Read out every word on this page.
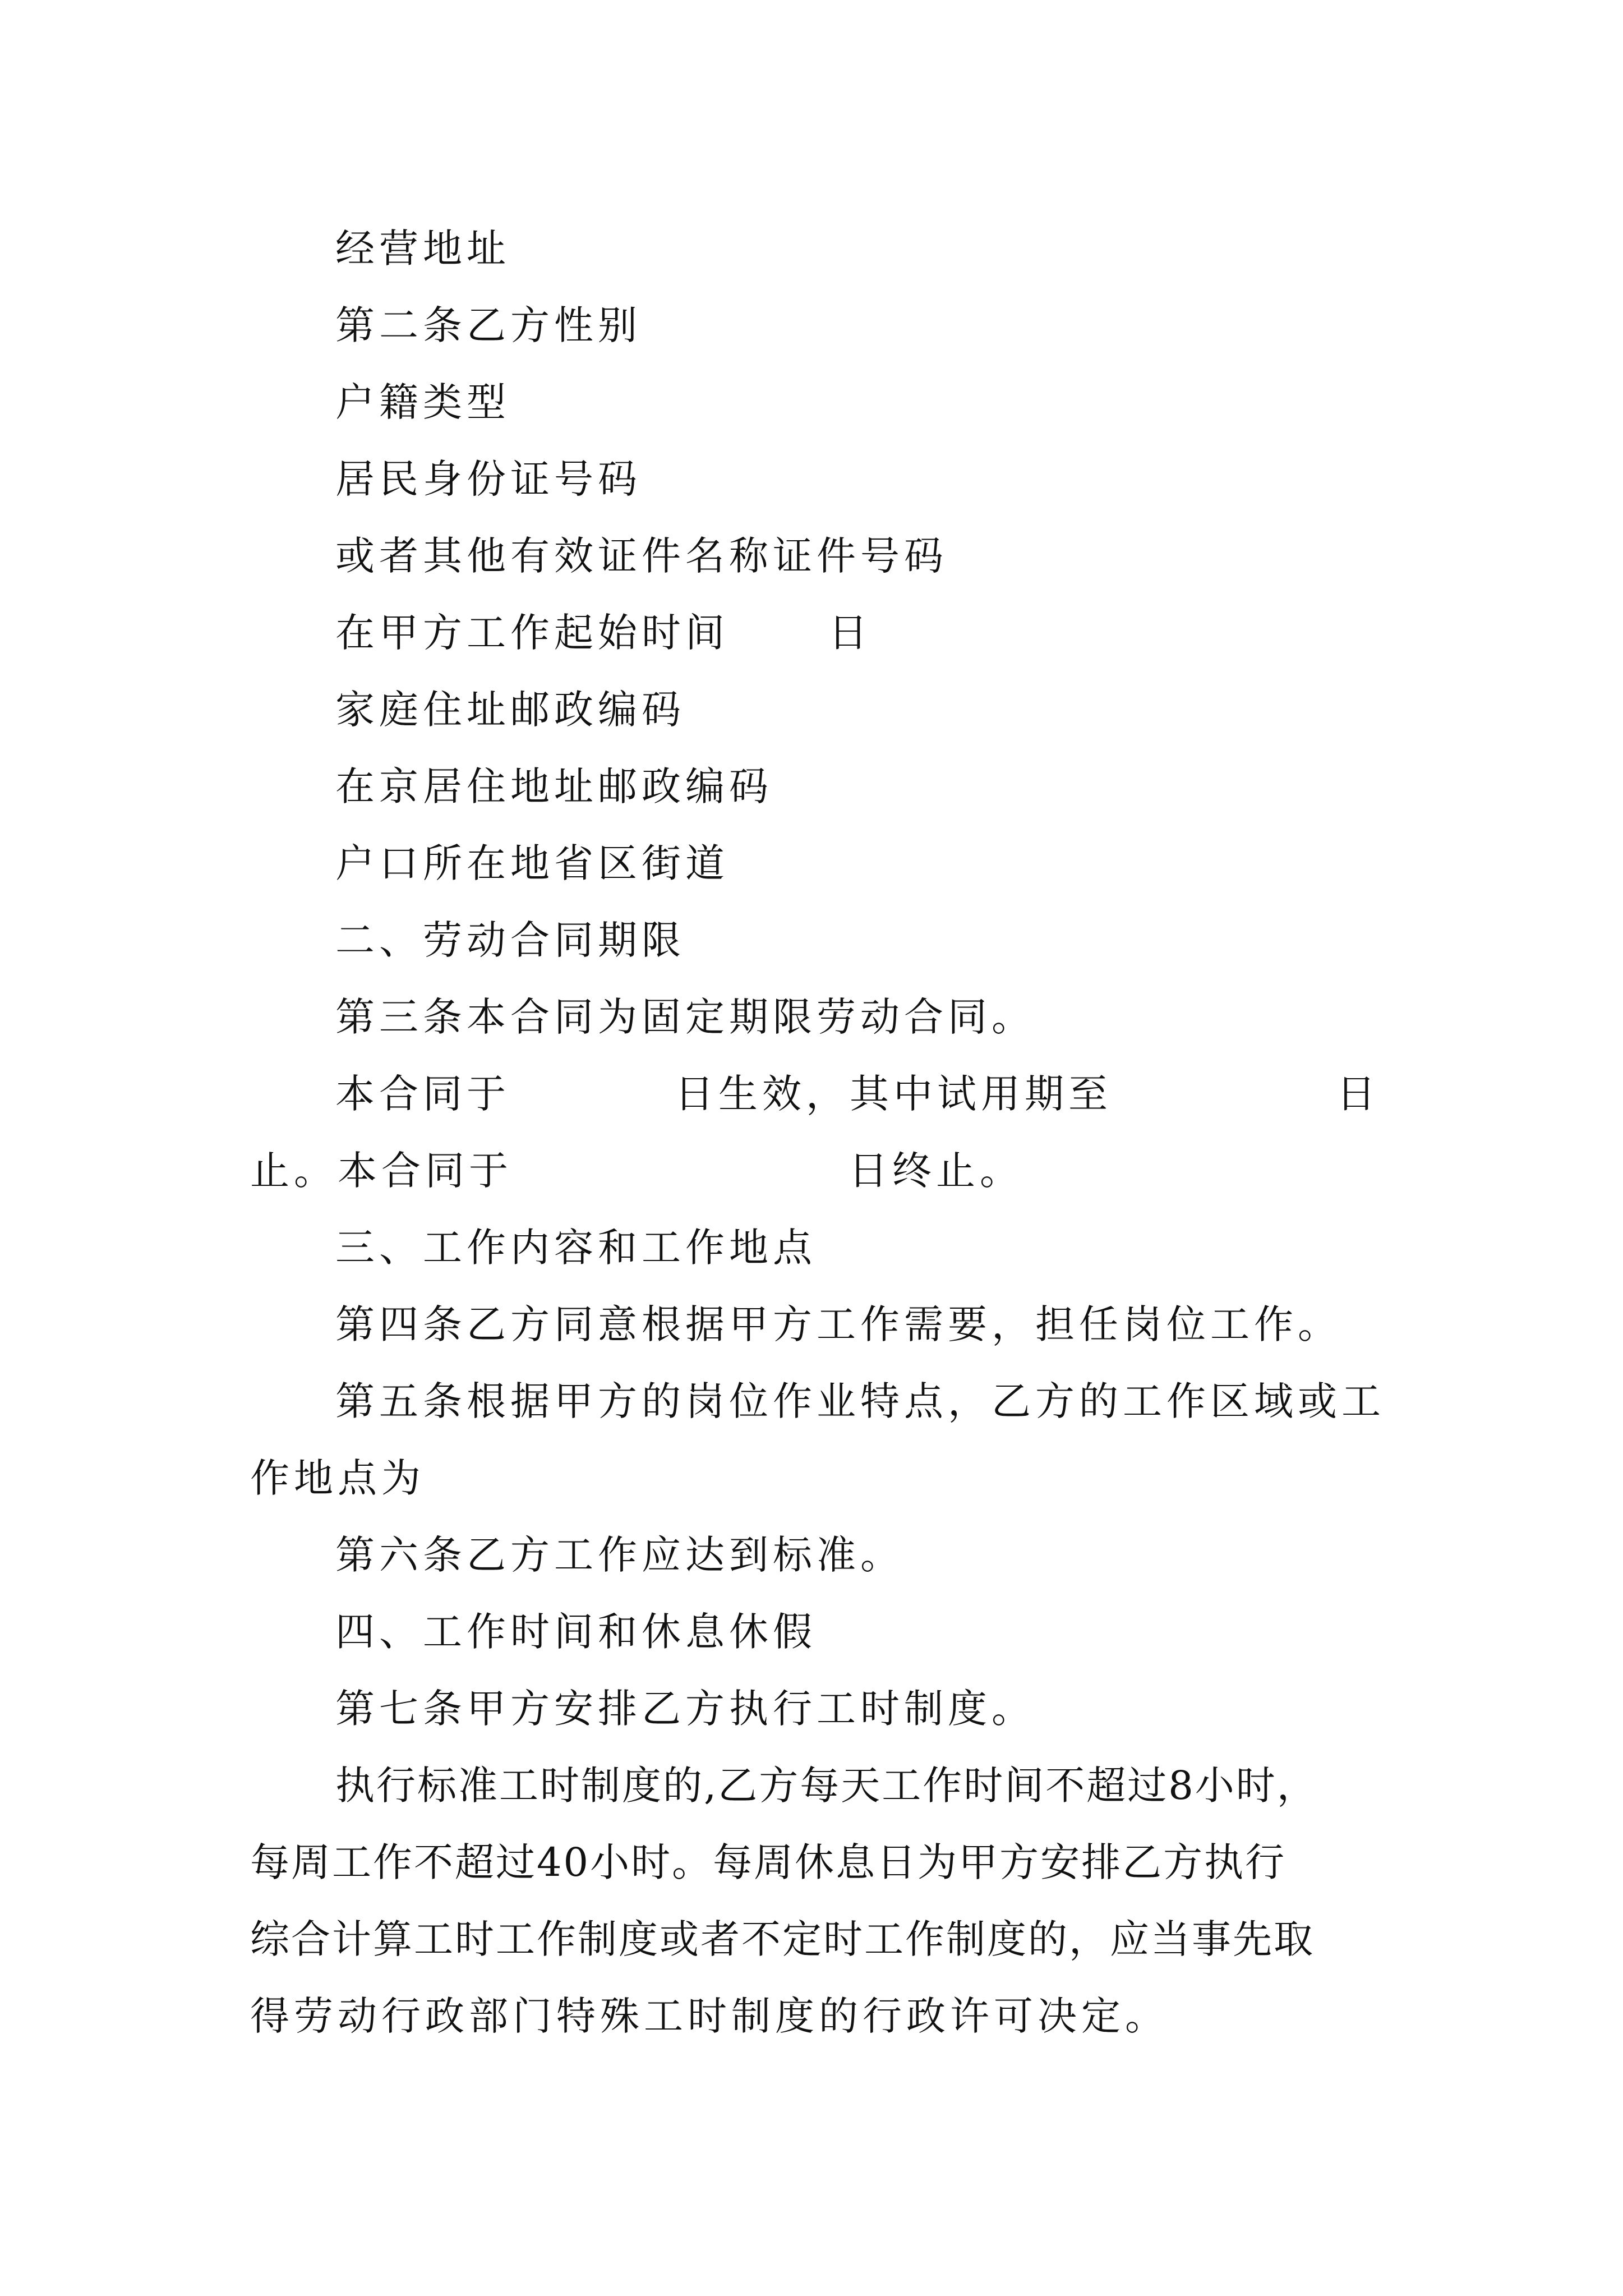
经营地址
第二条乙方性别
户籍类型
居民身份证号码
或者其他有效证件名称证件号码
在甲方工作起始时间	日
家庭住址邮政编码
在京居住地址邮政编码
户口所在地省区街道
二、劳动合同期限
第三条本合同为固定期限劳动合同。
本合同于	日生效，其中试用期至	日
止。本合同于	日终止。
三、工作内容和工作地点
第四条乙方同意根据甲方工作需要，担任岗位工作。
第五条根据甲方的岗位作业特点，乙方的工作区域或工
作地点为
第六条乙方工作应达到标准。
四、工作时间和休息休假
第七条甲方安排乙方执行工时制度。
执行标准工时制度的,乙方每天工作时间不超过8小时，
每周工作不超过40小时。每周休息日为甲方安排乙方执行
综合计算工时工作制度或者不定时工作制度的，应当事先取
得劳动行政部门特殊工时制度的行政许可决定。
